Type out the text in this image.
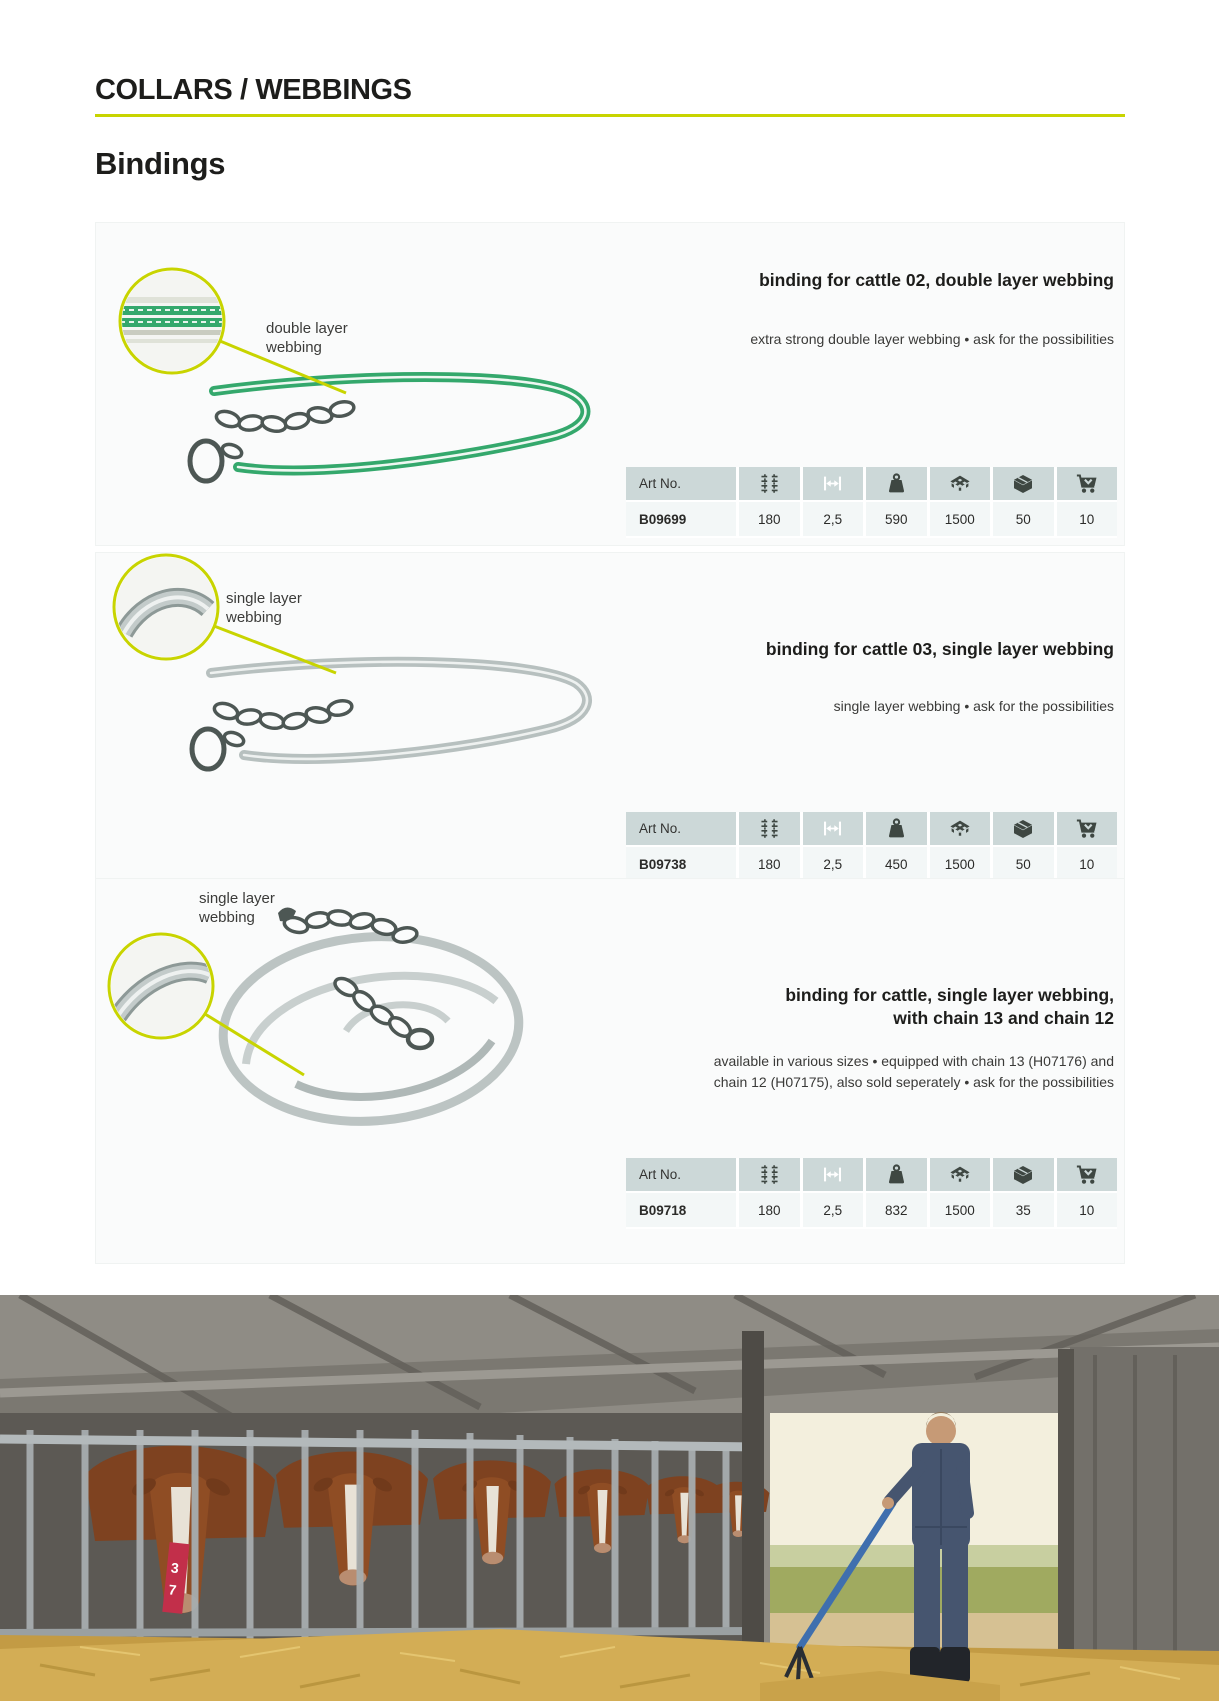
COLLARS / WEBBINGS
Bindings
double layer
webbing
binding for cattle 02, double layer webbing
extra strong double layer webbing • ask for the possibilities
Art No.
B09699	180	2,5	590	1500	50	10
single layer
webbing
binding for cattle 03, single layer webbing
single layer webbing • ask for the possibilities
Art No.
B09738	180	2,5	450	1500	50	10
single layer
webbing
binding for cattle, single layer webbing,
with chain 13 and chain 12
available in various sizes • equipped with chain 13 (H07176) and
chain 12 (H07175), also sold seperately • ask for the possibilities
Art No.
B09718	180	2,5	832	1500	35	10
3
7
